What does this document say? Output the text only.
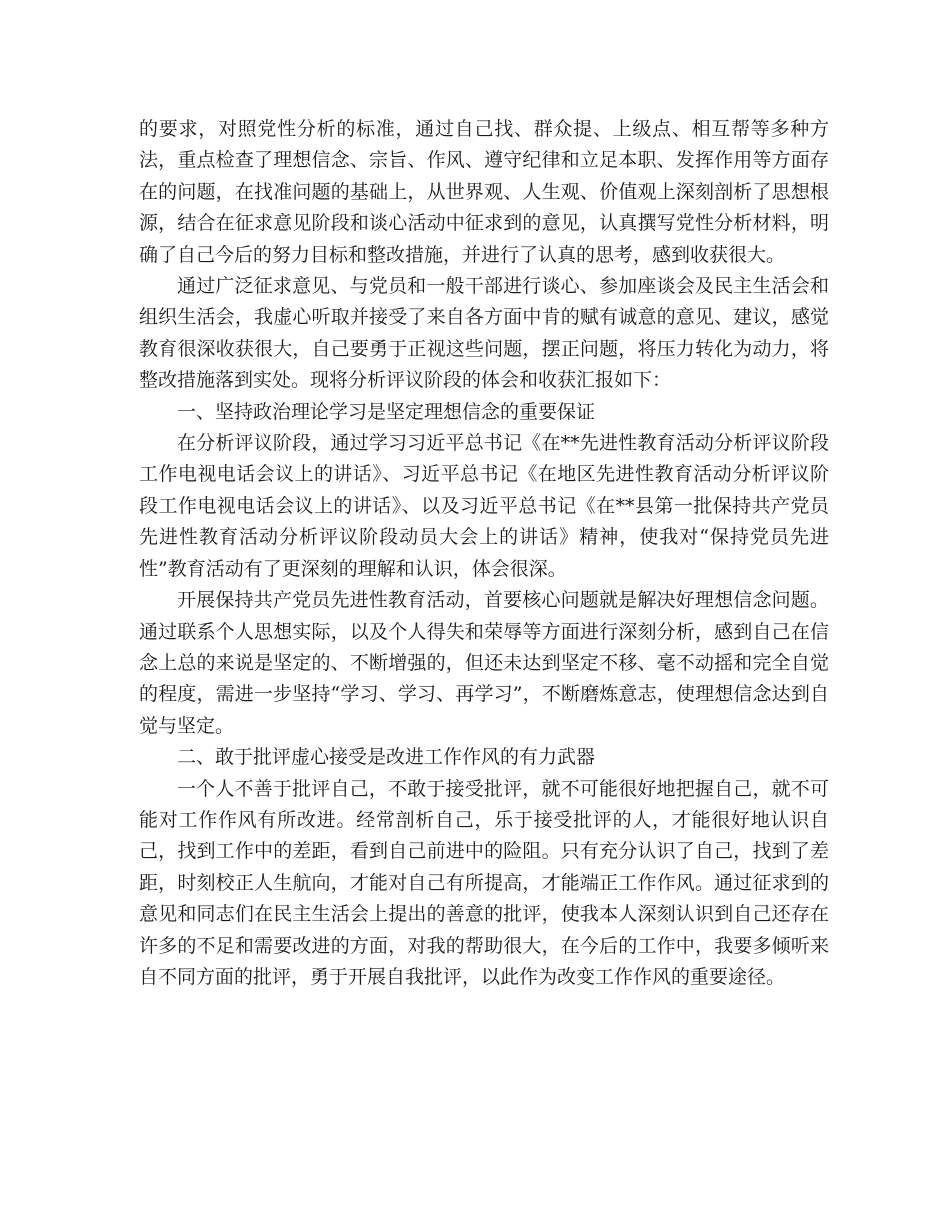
的要求，对照党性分析的标准，通过自己找、群众提、上级点、相互帮等多种方法，重点检查了理想信念、宗旨、作风、遵守纪律和立足本职、发挥作用等方面存在的问题，在找准问题的基础上，从世界观、人生观、价值观上深刻剖析了思想根源，结合在征求意见阶段和谈心活动中征求到的意见，认真撰写党性分析材料，明确了自己今后的努力目标和整改措施，并进行了认真的思考，感到收获很大。

通过广泛征求意见、与党员和一般干部进行谈心、参加座谈会及民主生活会和组织生活会，我虚心听取并接受了来自各方面中肯的赋有诚意的意见、建议，感觉教育很深收获很大，自己要勇于正视这些问题，摆正问题，将压力转化为动力，将整改措施落到实处。现将分析评议阶段的体会和收获汇报如下：

一、坚持政治理论学习是坚定理想信念的重要保证

在分析评议阶段，通过学习习近平总书记《在**先进性教育活动分析评议阶段工作电视电话会议上的讲话》、习近平总书记《在地区先进性教育活动分析评议阶段工作电视电话会议上的讲话》、以及习近平总书记《在**县第一批保持共产党员先进性教育活动分析评议阶段动员大会上的讲话》精神，使我对“保持党员先进性”教育活动有了更深刻的理解和认识，体会很深。

开展保持共产党员先进性教育活动，首要核心问题就是解决好理想信念问题。通过联系个人思想实际，以及个人得失和荣辱等方面进行深刻分析，感到自己在信念上总的来说是坚定的、不断增强的，但还未达到坚定不移、毫不动摇和完全自觉的程度，需进一步坚持“学习、学习、再学习”，不断磨炼意志，使理想信念达到自觉与坚定。

二、敢于批评虚心接受是改进工作作风的有力武器

一个人不善于批评自己，不敢于接受批评，就不可能很好地把握自己，就不可能对工作作风有所改进。经常剖析自己，乐于接受批评的人，才能很好地认识自己，找到工作中的差距，看到自己前进中的险阻。只有充分认识了自己，找到了差距，时刻校正人生航向，才能对自己有所提高，才能端正工作作风。通过征求到的意见和同志们在民主生活会上提出的善意的批评，使我本人深刻认识到自己还存在许多的不足和需要改进的方面，对我的帮助很大，在今后的工作中，我要多倾听来自不同方面的批评，勇于开展自我批评，以此作为改变工作作风的重要途径。
